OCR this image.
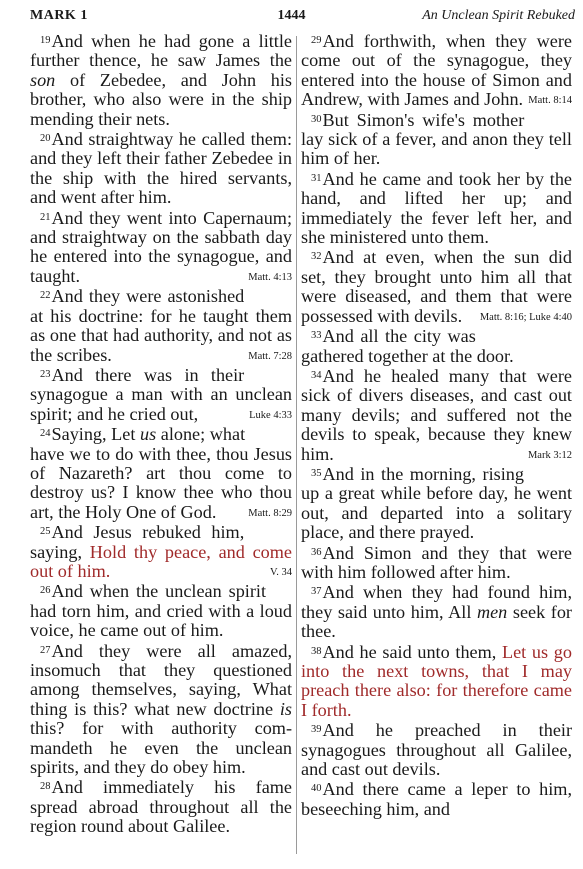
MARK 1	1444	An Unclean Spirit Rebuked

$^{19}$And when he had gone a little further thence, he saw James the son of Zebedee, and John his brother, who also were in the ship mending their nets.

$^{20}$And straightway he called them: and they left their father Zebedee in the ship with the hired servants, and went after him.

$^{21}$And they went into Capernaum; and straightway on the sabbath day he entered into the synagogue, and taught.	Matt. 4:13

$^{22}$And they were astonished at his doctrine: for he taught them as one that had authority, and not as the scribes.	Matt. 7:28

$^{23}$And there was in their synagogue a man with an unclean spirit; and he cried out,	Luke 4:33

$^{24}$Saying, Let us alone; what have we to do with thee, thou Jesus of Nazareth? art thou come to destroy us? I know thee who thou art, the Holy One of God.	Matt. 8:29

$^{25}$And Jesus rebuked him, saying, Hold thy peace, and come out of him.	V. 34

$^{26}$And when the unclean spirit had torn him, and cried with a loud voice, he came out of him.

$^{27}$And they were all amazed, insomuch that they questioned among themselves, saying, What thing is this? what new doctrine is this? for with authority commandeth he even the unclean spirits, and they do obey him.

$^{28}$And immediately his fame spread abroad throughout all the region round about Galilee.

$^{29}$And forthwith, when they were come out of the synagogue, they entered into the house of Simon and Andrew, with James and John. Matt. 8:14

$^{30}$But Simon's wife's mother lay sick of a fever, and anon they tell him of her.

$^{31}$And he came and took her by the hand, and lifted her up; and immediately the fever left her, and she ministered unto them.

$^{32}$And at even, when the sun did set, they brought unto him all that were diseased, and them that were possessed with devils. Matt. 8:16; Luke 4:40

$^{33}$And all the city was gathered together at the door.

$^{34}$And he healed many that were sick of divers diseases, and cast out many devils; and suffered not the devils to speak, because they knew him.	Mark 3:12

$^{35}$And in the morning, rising up a great while before day, he went out, and departed into a solitary place, and there prayed.

$^{36}$And Simon and they that were with him followed after him.

$^{37}$And when they had found him, they said unto him, All men seek for thee.

$^{38}$And he said unto them, Let us go into the next towns, that I may preach there also: for therefore came I forth.

$^{39}$And he preached in their synagogues throughout all Galilee, and cast out devils.

$^{40}$And there came a leper to him, beseeching him, and
